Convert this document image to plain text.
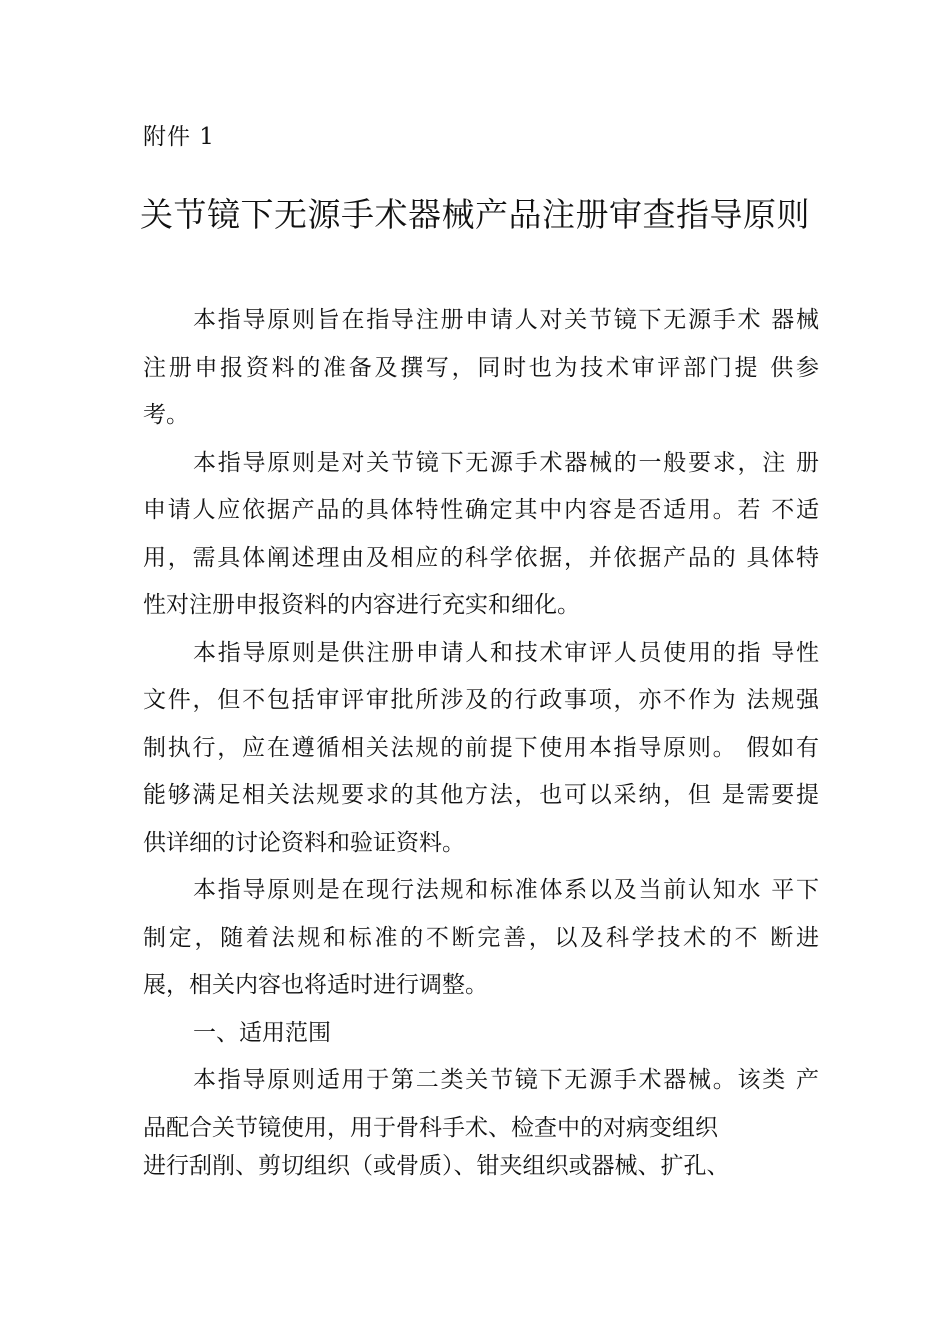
附件 1
关节镜下无源手术器械产品注册审查指导原则
本指导原则旨在指导注册申请人对关节镜下无源手术 器械
注册申报资料的准备及撰写，同时也为技术审评部门提 供参
考。
本指导原则是对关节镜下无源手术器械的一般要求，注 册
申请人应依据产品的具体特性确定其中内容是否适用。若 不适
用，需具体阐述理由及相应的科学依据，并依据产品的 具体特
性对注册申报资料的内容进行充实和细化。
本指导原则是供注册申请人和技术审评人员使用的指 导性
文件，但不包括审评审批所涉及的行政事项，亦不作为 法规强
制执行，应在遵循相关法规的前提下使用本指导原则。 假如有
能够满足相关法规要求的其他方法，也可以采纳，但 是需要提
供详细的讨论资料和验证资料。
本指导原则是在现行法规和标准体系以及当前认知水 平下
制定，随着法规和标准的不断完善，以及科学技术的不 断进
展，相关内容也将适时进行调整。
一、适用范围
本指导原则适用于第二类关节镜下无源手术器械。该类 产
品配合关节镜使用，用于骨科手术、检查中的对病变组织
进行刮削、剪切组织（或骨质）、钳夹组织或器械、扩孔、
